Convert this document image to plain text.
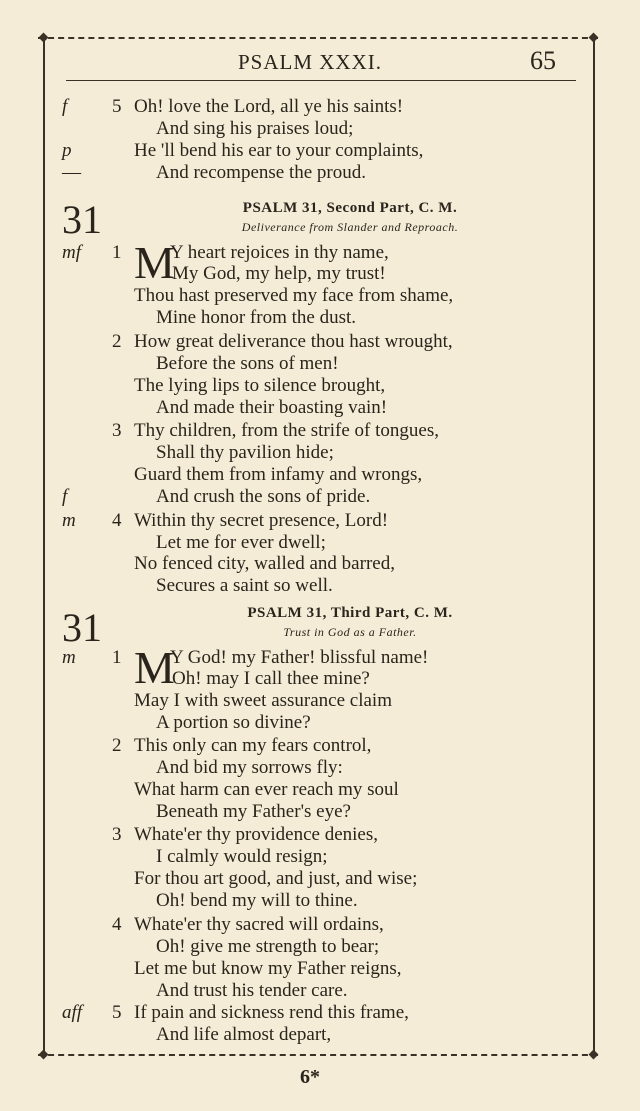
PSALM XXXI.	65
f 5 Oh! love the Lord, all ye his saints!
And sing his praises loud;
p	He 'll bend his ear to your complaints,
—	And recompense the proud.
31	PSALM 31, Second Part, C. M.
Deliverance from Slander and Reproach.
mf 1 M
Y heart rejoices in thy name,
My God, my help, my trust!
Thou hast preserved my face from shame,
Mine honor from the dust.
2 How great deliverance thou hast wrought,
Before the sons of men!
The lying lips to silence brought,
And made their boasting vain!
3 Thy children, from the strife of tongues,
Shall thy pavilion hide;
Guard them from infamy and wrongs,
f	And crush the sons of pride.
m 4 Within thy secret presence, Lord!
Let me for ever dwell;
No fenced city, walled and barred,
Secures a saint so well.
31	PSALM 31, Third Part, C. M.
Trust in God as a Father.
m 1 M
Y God! my Father! blissful name!
Oh! may I call thee mine?
May I with sweet assurance claim
A portion so divine?
2 This only can my fears control,
And bid my sorrows fly:
What harm can ever reach my soul
Beneath my Father's eye?
3 Whate'er thy providence denies,
I calmly would resign;
For thou art good, and just, and wise;
Oh! bend my will to thine.
4 Whate'er thy sacred will ordains,
Oh! give me strength to bear;
Let me but know my Father reigns,
And trust his tender care.
aff 5 If pain and sickness rend this frame,
And life almost depart,
6*
